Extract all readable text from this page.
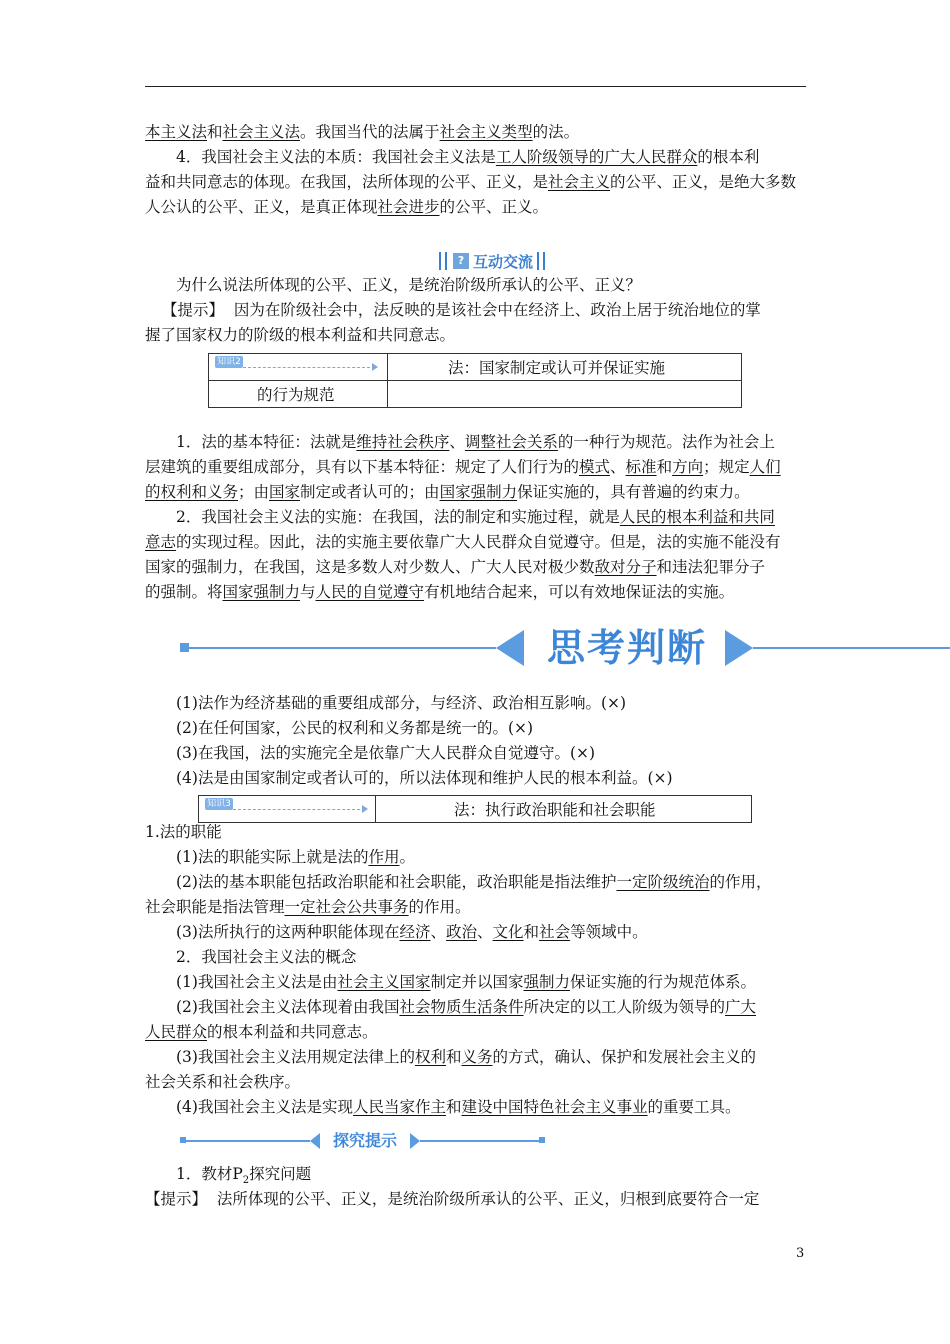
本主义法和社会主义法。我国当代的法属于社会主义类型的法。

4．我国社会主义法的本质：我国社会主义法是工人阶级领导的广大人民群众的根本利

益和共同意志的体现。在我国，法所体现的公平、正义，是社会主义的公平、正义，是绝大多数

人公认的公平、正义，是真正体现社会进步的公平、正义。

? 互动交流

为什么说法所体现的公平、正义，是统治阶级所承认的公平、正义？

【提示】 因为在阶级社会中，法反映的是该社会中在经济上、政治上居于统治地位的掌

握了国家权力的阶级的根本利益和共同意志。

知识2	法：国家制定或认可并保证实施
的行为规范	

1．法的基本特征：法就是维持社会秩序、调整社会关系的一种行为规范。法作为社会上

层建筑的重要组成部分，具有以下基本特征：规定了人们行为的模式、标准和方向；规定人们

的权利和义务；由国家制定或者认可的；由国家强制力保证实施的，具有普遍的约束力。

2．我国社会主义法的实施：在我国，法的制定和实施过程，就是人民的根本利益和共同

意志的实现过程。因此，法的实施主要依靠广大人民群众自觉遵守。但是，法的实施不能没有

国家的强制力，在我国，这是多数人对少数人、广大人民对极少数敌对分子和违法犯罪分子

的强制。将国家强制力与人民的自觉遵守有机地结合起来，可以有效地保证法的实施。

思考判断

(1)法作为经济基础的重要组成部分，与经济、政治相互影响。(×)

(2)在任何国家，公民的权利和义务都是统一的。(×)

(3)在我国，法的实施完全是依靠广大人民群众自觉遵守。(×)

(4)法是由国家制定或者认可的，所以法体现和维护人民的根本利益。(×)

知识3	法：执行政治职能和社会职能

1.法的职能

(1)法的职能实际上就是法的作用。

(2)法的基本职能包括政治职能和社会职能，政治职能是指法维护一定阶级统治的作用，

社会职能是指法管理一定社会公共事务的作用。

(3)法所执行的这两种职能体现在经济、政治、文化和社会等领域中。

2．我国社会主义法的概念

(1)我国社会主义法是由社会主义国家制定并以国家强制力保证实施的行为规范体系。

(2)我国社会主义法体现着由我国社会物质生活条件所决定的以工人阶级为领导的广大

人民群众的根本利益和共同意志。

(3)我国社会主义法用规定法律上的权利和义务的方式，确认、保护和发展社会主义的

社会关系和社会秩序。

(4)我国社会主义法是实现人民当家作主和建设中国特色社会主义事业的重要工具。

探究提示

1．教材$P_2$探究问题

【提示】 法所体现的公平、正义，是统治阶级所承认的公平、正义，归根到底要符合一定

3
